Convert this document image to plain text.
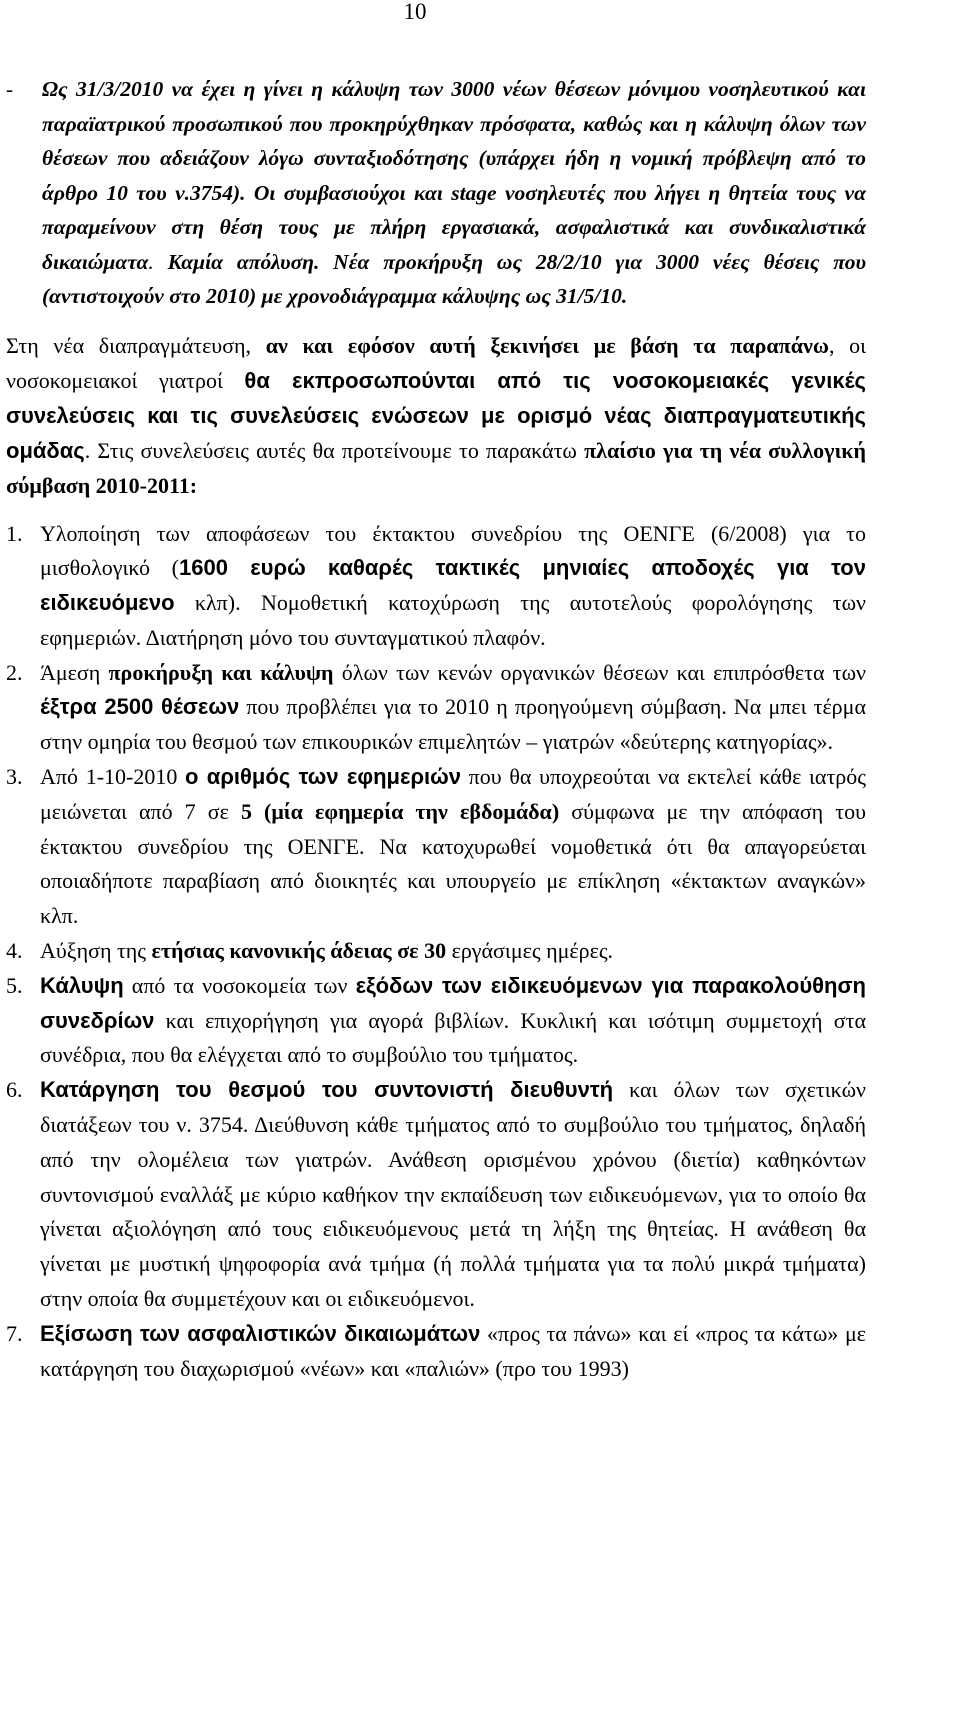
10
- Ως 31/3/2010 να έχει η γίνει η κάλυψη των 3000 νέων θέσεων μόνιμου νοσηλευτικού και παραϊατρικού προσωπικού που προκηρύχθηκαν πρόσφατα, καθώς και η κάλυψη όλων των θέσεων που αδειάζουν λόγω συνταξιοδότησης (υπάρχει ήδη η νομική πρόβλεψη από το άρθρο 10 του ν.3754). Οι συμβασιούχοι και stage νοσηλευτές που λήγει η θητεία τους να παραμείνουν στη θέση τους με πλήρη εργασιακά, ασφαλιστικά και συνδικαλιστικά δικαιώματα. Καμία απόλυση. Νέα προκήρυξη ως 28/2/10 για 3000 νέες θέσεις που (αντιστοιχούν στο 2010) με χρονοδιάγραμμα κάλυψης ως 31/5/10.
Στη νέα διαπραγμάτευση, αν και εφόσον αυτή ξεκινήσει με βάση τα παραπάνω, οι νοσοκομειακοί γιατροί θα εκπροσωπούνται από τις νοσοκομειακές γενικές συνελεύσεις και τις συνελεύσεις ενώσεων με ορισμό νέας διαπραγματευτικής ομάδας. Στις συνελεύσεις αυτές θα προτείνουμε το παρακάτω πλαίσιο για τη νέα συλλογική σύμβαση 2010-2011:
1. Υλοποίηση των αποφάσεων του έκτακτου συνεδρίου της ΟΕΝΓΕ (6/2008) για το μισθολογικό (1600 ευρώ καθαρές τακτικές μηνιαίες αποδοχές για τον ειδικευόμενο κλπ). Νομοθετική κατοχύρωση της αυτοτελούς φορολόγησης των εφημεριών. Διατήρηση μόνο του συνταγματικού πλαφόν.
2. Άμεση προκήρυξη και κάλυψη όλων των κενών οργανικών θέσεων και επιπρόσθετα των έξτρα 2500 θέσεων που προβλέπει για το 2010 η προηγούμενη σύμβαση. Να μπει τέρμα στην ομηρία του θεσμού των επικουρικών επιμελητών – γιατρών «δεύτερης κατηγορίας».
3. Από 1-10-2010 ο αριθμός των εφημεριών που θα υποχρεούται να εκτελεί κάθε ιατρός μειώνεται από 7 σε 5 (μία εφημερία την εβδομάδα) σύμφωνα με την απόφαση του έκτακτου συνεδρίου της ΟΕΝΓΕ. Να κατοχυρωθεί νομοθετικά ότι θα απαγορεύεται οποιαδήποτε παραβίαση από διοικητές και υπουργείο με επίκληση «έκτακτων αναγκών» κλπ.
4. Αύξηση της ετήσιας κανονικής άδειας σε 30 εργάσιμες ημέρες.
5. Κάλυψη από τα νοσοκομεία των εξόδων των ειδικευόμενων για παρακολούθηση συνεδρίων και επιχορήγηση για αγορά βιβλίων. Κυκλική και ισότιμη συμμετοχή στα συνέδρια, που θα ελέγχεται από το συμβούλιο του τμήματος.
6. Κατάργηση του θεσμού του συντονιστή διευθυντή και όλων των σχετικών διατάξεων του ν. 3754. Διεύθυνση κάθε τμήματος από το συμβούλιο του τμήματος, δηλαδή από την ολομέλεια των γιατρών. Ανάθεση ορισμένου χρόνου (διετία) καθηκόντων συντονισμού εναλλάξ με κύριο καθήκον την εκπαίδευση των ειδικευόμενων, για το οποίο θα γίνεται αξιολόγηση από τους ειδικευόμενους μετά τη λήξη της θητείας. Η ανάθεση θα γίνεται με μυστική ψηφοφορία ανά τμήμα (ή πολλά τμήματα για τα πολύ μικρά τμήματα) στην οποία θα συμμετέχουν και οι ειδικευόμενοι.
7. Εξίσωση των ασφαλιστικών δικαιωμάτων «προς τα πάνω» και εί «προς τα κάτω» με κατάργηση του διαχωρισμού «νέων» και «παλιών» (προ του 1993)
